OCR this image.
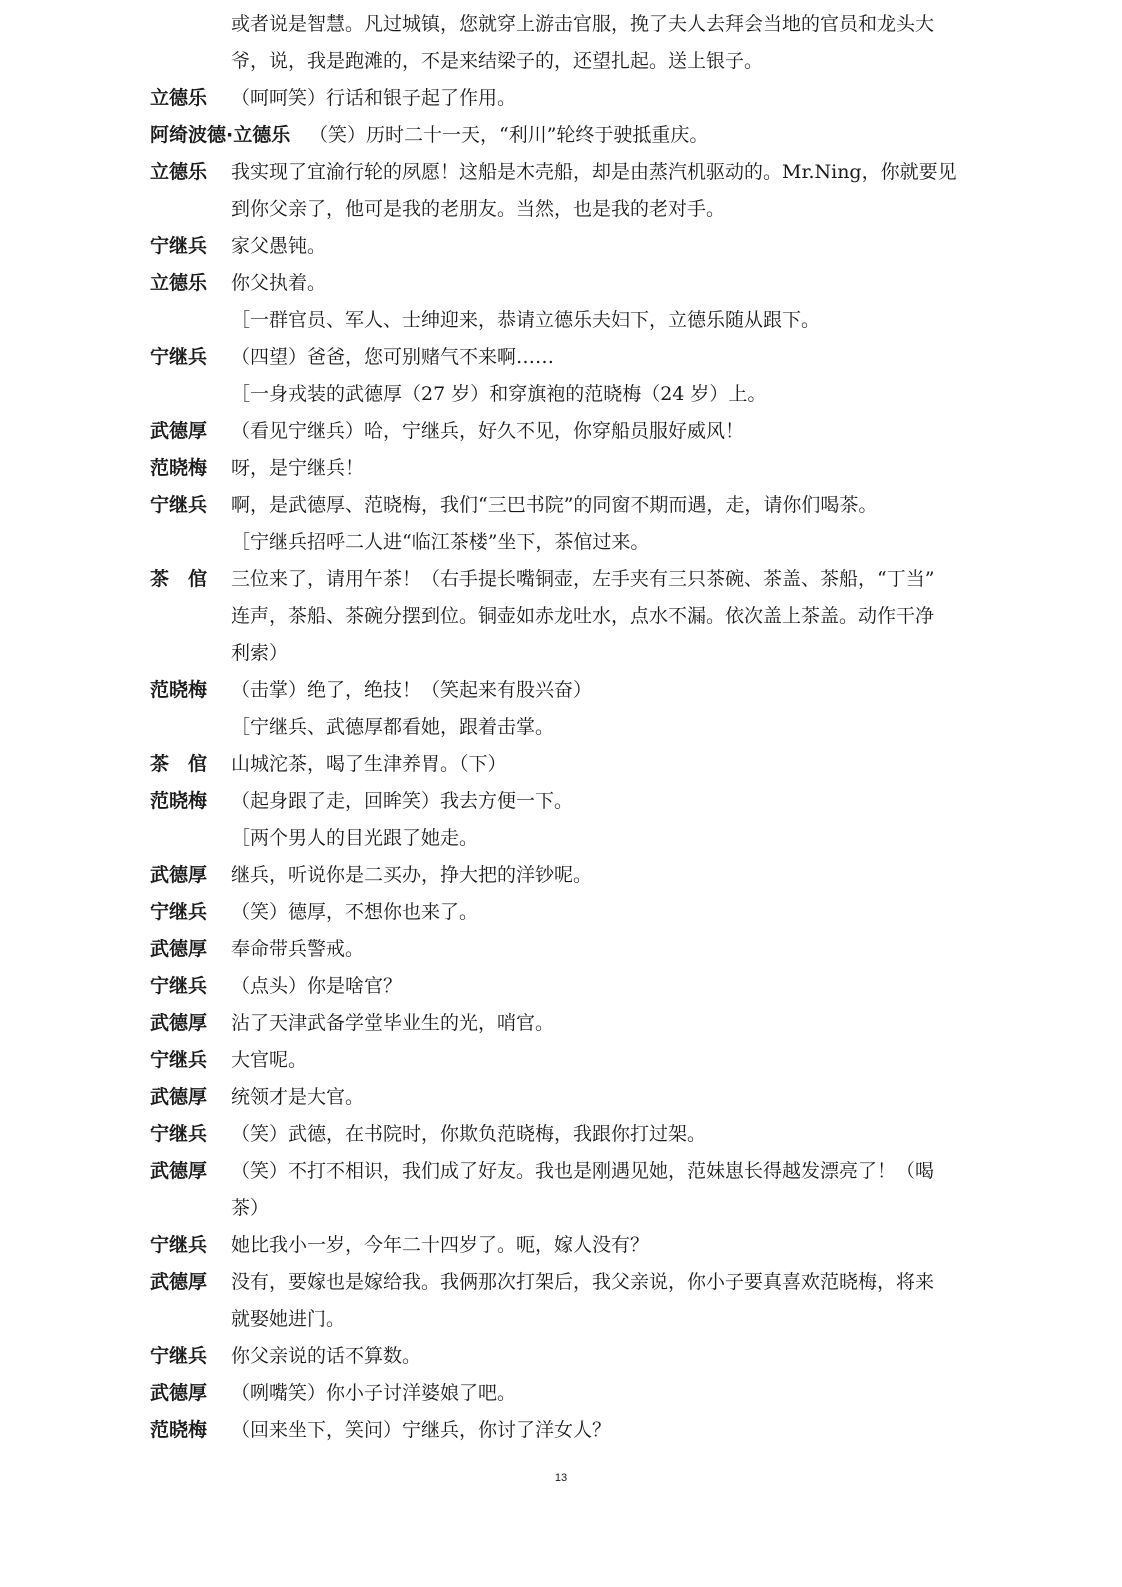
或者说是智慧。凡过城镇，您就穿上游击官服，挽了夫人去拜会当地的官员和龙头大
爷，说，我是跑滩的，不是来结梁子的，还望扎起。送上银子。
立德乐 （呵呵笑）行话和银子起了作用。
阿绮波德·立德乐 （笑）历时二十一天，“利川”轮终于驶抵重庆。
立德乐 我实现了宜渝行轮的夙愿！这船是木壳船，却是由蒸汽机驱动的。Mr.Ning，你就要见
到你父亲了，他可是我的老朋友。当然，也是我的老对手。
宁继兵 家父愚钝。
立德乐 你父执着。
［一群官员、军人、士绅迎来，恭请立德乐夫妇下，立德乐随从跟下。
宁继兵 （四望）爸爸，您可别赌气不来啊……
［一身戎装的武德厚（27 岁）和穿旗袍的范晓梅（24 岁）上。
武德厚 （看见宁继兵）哈，宁继兵，好久不见，你穿船员服好威风！
范晓梅 呀，是宁继兵！
宁继兵 啊，是武德厚、范晓梅，我们“三巴书院”的同窗不期而遇，走，请你们喝茶。
［宁继兵招呼二人进“临江茶楼”坐下，茶倌过来。
茶　倌 三位来了，请用午茶！（右手提长嘴铜壶，左手夹有三只茶碗、茶盖、茶船，“丁当”
连声，茶船、茶碗分摆到位。铜壶如赤龙吐水，点水不漏。依次盖上茶盖。动作干净
利索）
范晓梅 （击掌）绝了，绝技！（笑起来有股兴奋）
［宁继兵、武德厚都看她，跟着击掌。
茶　倌 山城沱茶，喝了生津养胃。（下）
范晓梅 （起身跟了走，回眸笑）我去方便一下。
［两个男人的目光跟了她走。
武德厚 继兵，听说你是二买办，挣大把的洋钞呢。
宁继兵 （笑）德厚，不想你也来了。
武德厚 奉命带兵警戒。
宁继兵 （点头）你是啥官？
武德厚 沾了天津武备学堂毕业生的光，哨官。
宁继兵 大官呢。
武德厚 统领才是大官。
宁继兵 （笑）武德，在书院时，你欺负范晓梅，我跟你打过架。
武德厚 （笑）不打不相识，我们成了好友。我也是刚遇见她，范妹崽长得越发漂亮了！（喝
茶）
宁继兵 她比我小一岁，今年二十四岁了。呃，嫁人没有？
武德厚 没有，要嫁也是嫁给我。我俩那次打架后，我父亲说，你小子要真喜欢范晓梅，将来
就娶她进门。
宁继兵 你父亲说的话不算数。
武德厚 （咧嘴笑）你小子讨洋婆娘了吧。
范晓梅 （回来坐下，笑问）宁继兵，你讨了洋女人？
13
